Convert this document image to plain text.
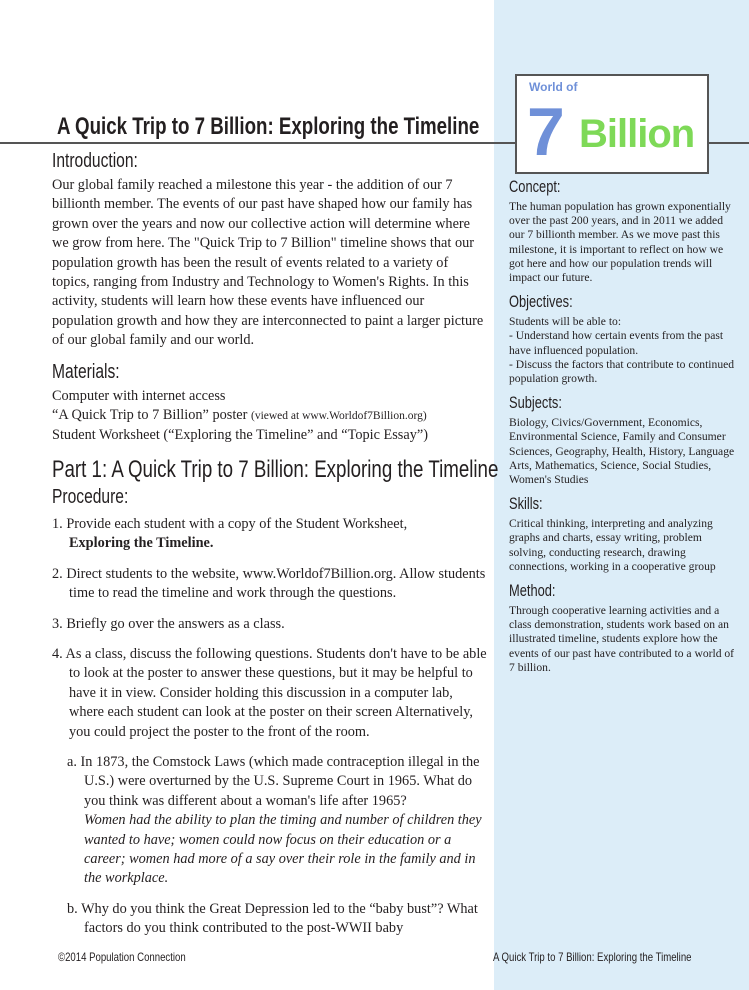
A Quick Trip to 7 Billion: Exploring the Timeline
World of
7 Billion
Introduction:

Our global family reached a milestone this year - the addition of our 7 billionth member. The events of our past have shaped how our family has grown over the years and now our collective action will determine where we grow from here. The "Quick Trip to 7 Billion" timeline shows that our population growth has been the result of events related to a variety of topics, ranging from Industry and Technology to Women's Rights. In this activity, students will learn how these events have influenced our population growth and how they are interconnected to paint a larger picture of our global family and our world.

Materials:
Computer with internet access
“A Quick Trip to 7 Billion” poster (viewed at www.Worldof7Billion.org)
Student Worksheet (“Exploring the Timeline” and “Topic Essay”)
Part 1: A Quick Trip to 7 Billion: Exploring the Timeline
Procedure:
1. Provide each student with a copy of the Student Worksheet,
Exploring the Timeline.
2. Direct students to the website, www.Worldof7Billion.org. Allow students time to read the timeline and work through the questions.
3. Briefly go over the answers as a class.
4. As a class, discuss the following questions. Students don't have to be able to look at the poster to answer these questions, but it may be helpful to have it in view. Consider holding this discussion in a computer lab, where each student can look at the poster on their screen Alternatively, you could project the poster to the front of the room.
a. In 1873, the Comstock Laws (which made contraception illegal in the U.S.) were overturned by the U.S. Supreme Court in 1965. What do you think was different about a woman's life after 1965?
Women had the ability to plan the timing and number of children they wanted to have; women could now focus on their education or a career; women had more of a say over their role in the family and in the workplace.
b. Why do you think the Great Depression led to the “baby bust”? What factors do you think contributed to the post-WWII baby
©2014 Population Connection	A Quick Trip to 7 Billion: Exploring the Timeline
Concept:
The human population has grown exponentially over the past 200 years, and in 2011 we added our 7 billionth member. As we move past this milestone, it is important to reflect on how we got here and how our population trends will impact our future.
Objectives:
Students will be able to:
- Understand how certain events from the past have influenced population.
- Discuss the factors that contribute to continued population growth.
Subjects:
Biology, Civics/Government, Economics, Environmental Science, Family and Consumer Sciences, Geography, Health, History, Language Arts, Mathematics, Science, Social Studies, Women's Studies
Skills:
Critical thinking, interpreting and analyzing graphs and charts, essay writing, problem solving, conducting research, drawing connections, working in a cooperative group
Method:
Through cooperative learning activities and a class demonstration, students work based on an illustrated timeline, students explore how the events of our past have contributed to a world of 7 billion.
